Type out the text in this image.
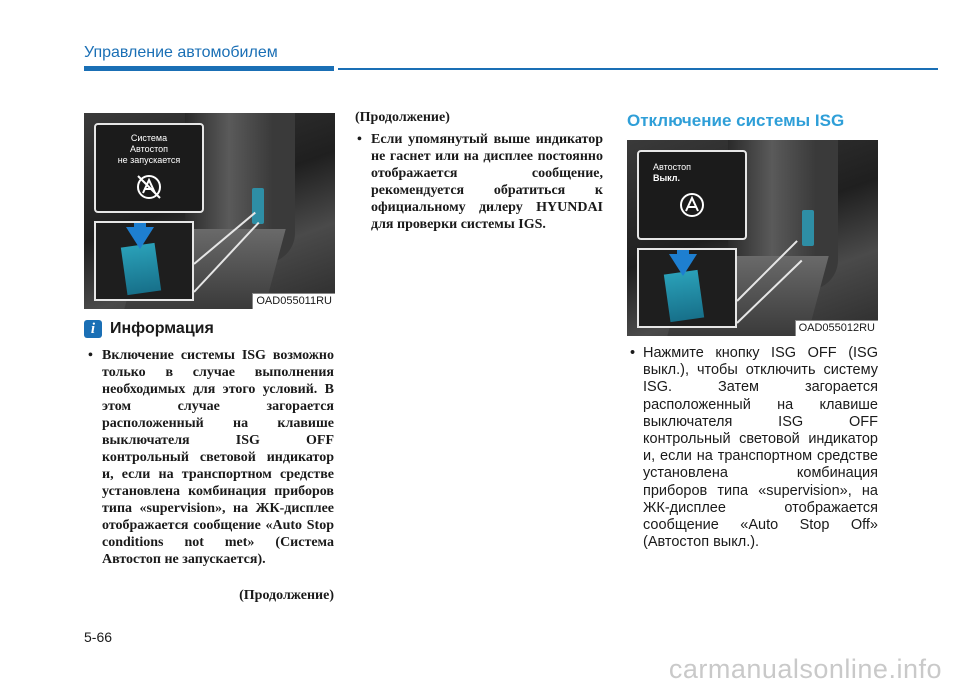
Управление автомобилем
Система
Автостоп
не запускается
OAD055011RU
i Информация
• Включение системы ISG возможно только в случае выполнения необходимых для этого условий. В этом случае загорается расположенный на клавише выключателя ISG OFF контрольный световой индикатор и, если на транспортном средстве установлена комбинация приборов типа «supervision», на ЖК-дисплее отображается сообщение «Auto Stop conditions not met» (Система Автостоп не запускается).
(Продолжение)
(Продолжение)
• Если упомянутый выше индикатор не гаснет или на дисплее постоянно отображается сообщение, рекомендуется обратиться к официальному дилеру HYUNDAI для проверки системы IGS.
Отключение системы ISG
Автостоп
Выкл.
OAD055012RU
• Нажмите кнопку ISG OFF (ISG выкл.), чтобы отключить систему ISG. Затем загорается расположенный на клавише выключателя ISG OFF контрольный световой индикатор и, если на транспортном средстве установлена комбинация приборов типа «supervision», на ЖК-дисплее отображается сообщение «Auto Stop Off» (Автостоп выкл.).
5-66
carmanualsonline.info
